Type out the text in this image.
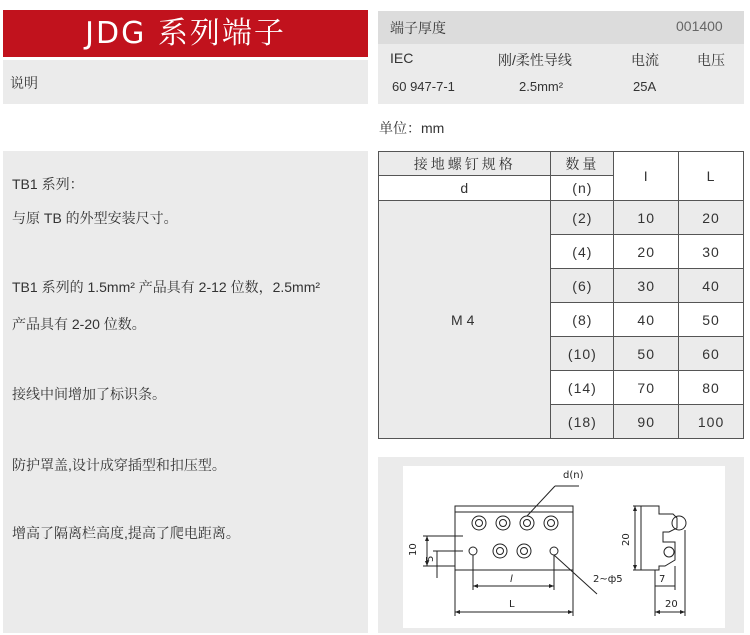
JDG 系列端子
说明
TB1 系列：
与原 TB 的外型安装尺寸。
TB1 系列的 1.5mm² 产品具有 2-12 位数，2.5mm²
产品具有 2-20 位数。
接线中间增加了标识条。
防护罩盖,设计成穿插型和扣压型。
增高了隔离栏高度,提高了爬电距离。
端子厚度	001400
IEC	刚/柔性导线	电流	电压
60 947-7-1	2.5mm²	25A
单位：mm
接地螺钉规格	数量	I	L
d	(n)		
M4	(2)	10	20
	(4)	20	30
	(6)	30	40
	(8)	40	50
	(10)	50	60
	(14)	70	80
	(18)	90	100
d(n)
10
5
l
L
2~ф5
20
7
20
